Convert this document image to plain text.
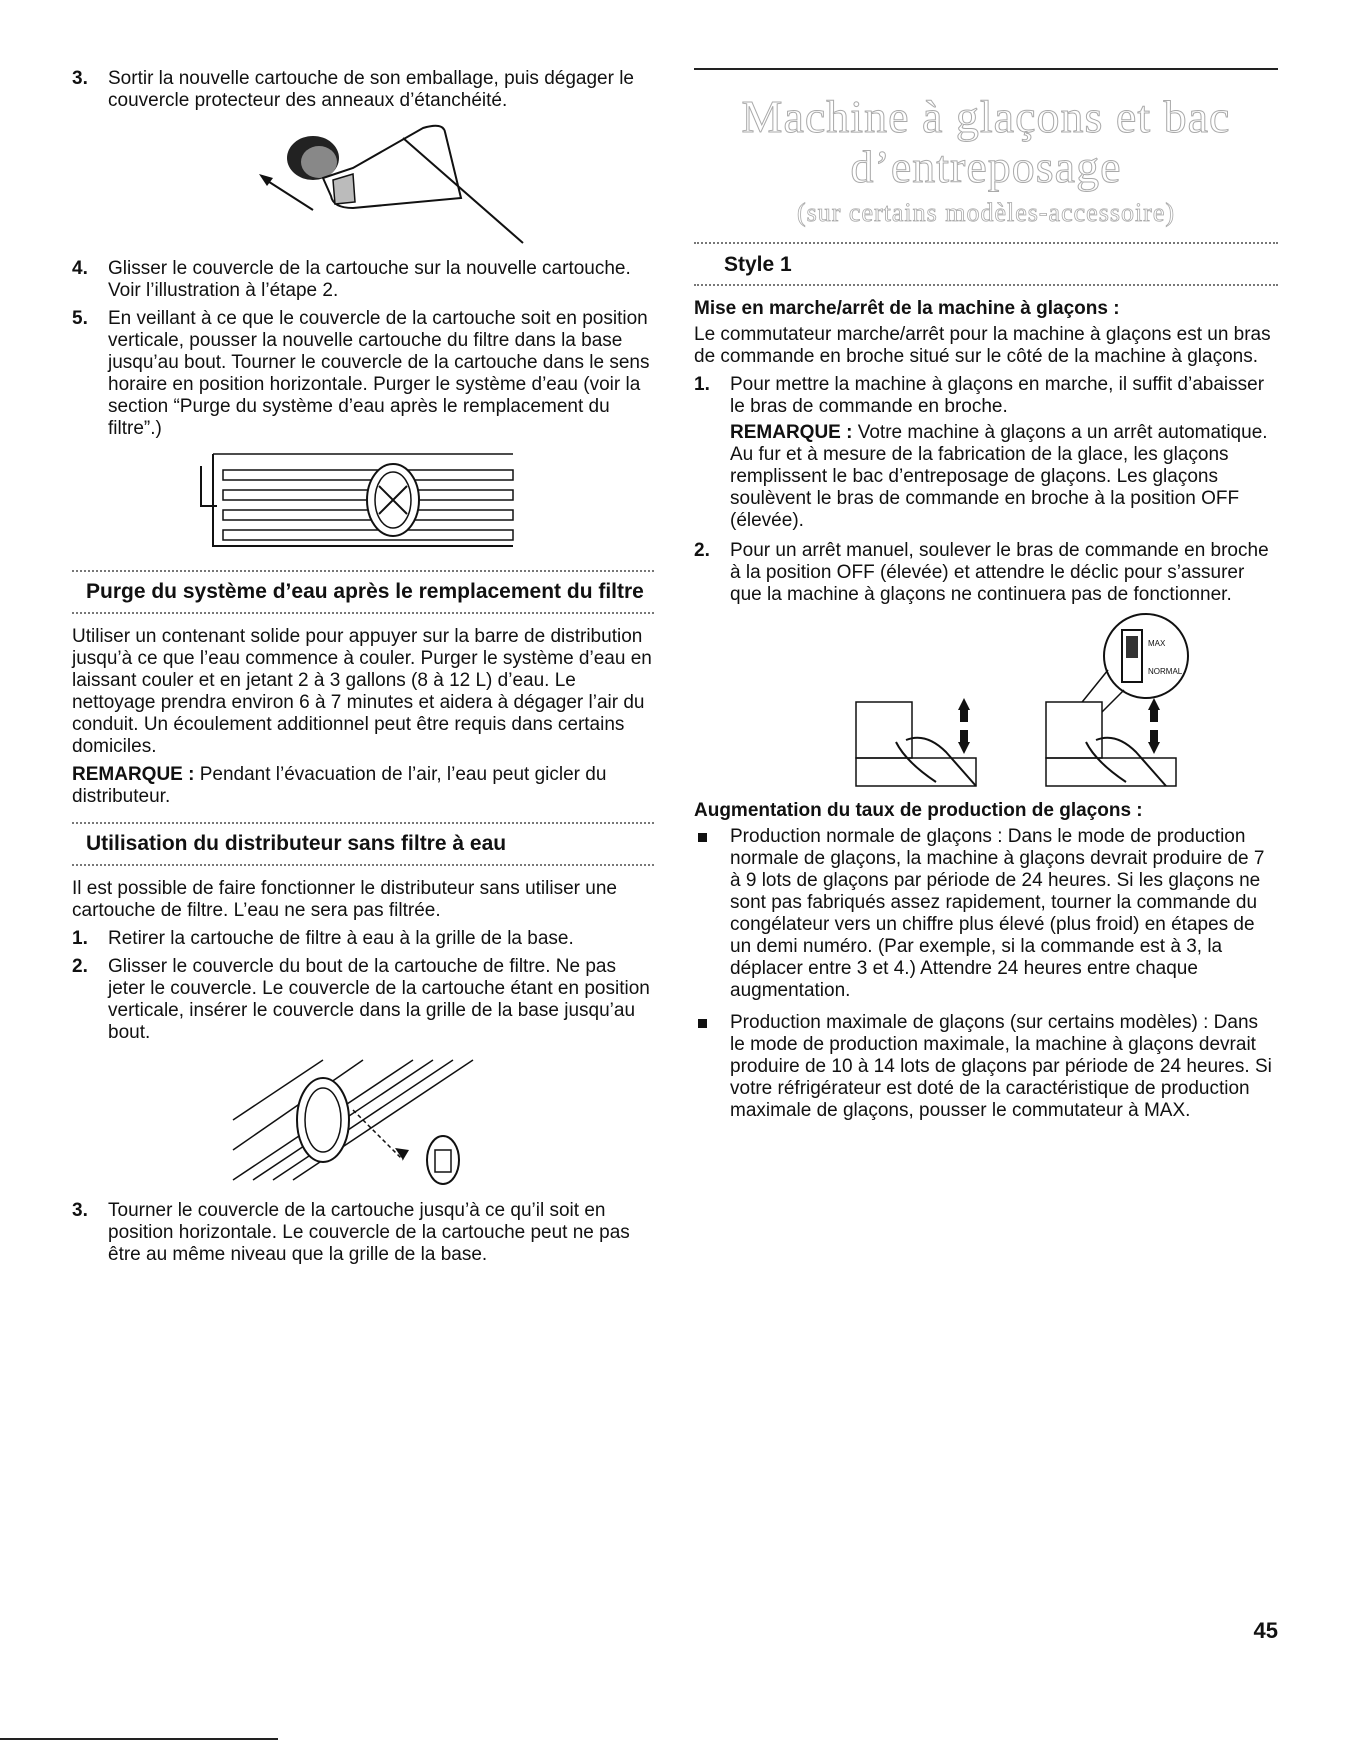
3. Sortir la nouvelle cartouche de son emballage, puis dégager le couvercle protecteur des anneaux d’étanchéité.
4. Glisser le couvercle de la cartouche sur la nouvelle cartouche. Voir l’illustration à l’étape 2.
5. En veillant à ce que le couvercle de la cartouche soit en position verticale, pousser la nouvelle cartouche du filtre dans la base jusqu’au bout. Tourner le couvercle de la cartouche dans le sens horaire en position horizontale. Purger le système d’eau (voir la section “Purge du système d’eau après le remplacement du filtre”.)
Purge du système d’eau après le remplacement du filtre

Utiliser un contenant solide pour appuyer sur la barre de distribution jusqu’à ce que l’eau commence à couler. Purger le système d’eau en laissant couler et en jetant 2 à 3 gallons (8 à 12 L) d’eau. Le nettoyage prendra environ 6 à 7 minutes et aidera à dégager l’air du conduit. Un écoulement additionnel peut être requis dans certains domiciles.

REMARQUE : Pendant l’évacuation de l’air, l’eau peut gicler du distributeur.

Utilisation du distributeur sans filtre à eau

Il est possible de faire fonctionner le distributeur sans utiliser une cartouche de filtre. L’eau ne sera pas filtrée.

1. Retirer la cartouche de filtre à eau à la grille de la base.
2. Glisser le couvercle du bout de la cartouche de filtre. Ne pas jeter le couvercle. Le couvercle de la cartouche étant en position verticale, insérer le couvercle dans la grille de la base jusqu’au bout.
3. Tourner le couvercle de la cartouche jusqu’à ce qu’il soit en position horizontale. Le couvercle de la cartouche peut ne pas être au même niveau que la grille de la base.
Machine à glaçons et bac d’entreposage
(sur certains modèles-accessoire)
Style 1
Mise en marche/arrêt de la machine à glaçons :

Le commutateur marche/arrêt pour la machine à glaçons est un bras de commande en broche situé sur le côté de la machine à glaçons.

1. Pour mettre la machine à glaçons en marche, il suffit d’abaisser le bras de commande en broche.

REMARQUE : Votre machine à glaçons a un arrêt automatique. Au fur et à mesure de la fabrication de la glace, les glaçons remplissent le bac d’entreposage de glaçons. Les glaçons soulèvent le bras de commande en broche à la position OFF (élevée).

2. Pour un arrêt manuel, soulever le bras de commande en broche à la position OFF (élevée) et attendre le déclic pour s’assurer que la machine à glaçons ne continuera pas de fonctionner.
MAX
NORMAL
Augmentation du taux de production de glaçons :
Production normale de glaçons : Dans le mode de production normale de glaçons, la machine à glaçons devrait produire de 7 à 9 lots de glaçons par période de 24 heures. Si les glaçons ne sont pas fabriqués assez rapidement, tourner la commande du congélateur vers un chiffre plus élevé (plus froid) en étapes de un demi numéro. (Par exemple, si la commande est à 3, la déplacer entre 3 et 4.) Attendre 24 heures entre chaque augmentation.
Production maximale de glaçons (sur certains modèles) : Dans le mode de production maximale, la machine à glaçons devrait produire de 10 à 14 lots de glaçons par période de 24 heures. Si votre réfrigérateur est doté de la caractéristique de production maximale de glaçons, pousser le commutateur à MAX.
45
